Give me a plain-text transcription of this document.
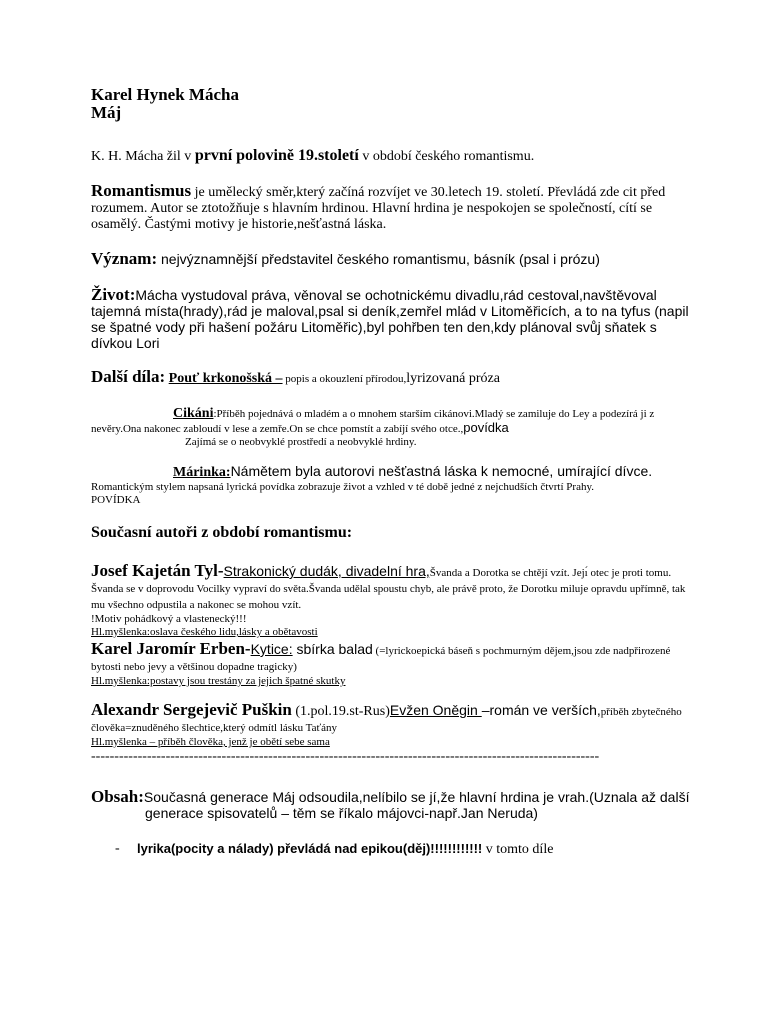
Karel Hynek Mácha
Máj

K. H. Mácha žil v první polovině 19.století v období českého romantismu.

Romantismus je umělecký směr,který začíná rozvíjet ve 30.letech 19. století. Převládá zde cit před rozumem. Autor se ztotožňuje s hlavním hrdinou. Hlavní hrdina je nespokojen se společností, cítí se osamělý. Častými motivy je historie,nešťastná láska.

Význam: nejvýznamnější představitel českého romantismu, básník (psal i prózu)

Život:Mácha vystudoval práva, věnoval se ochotnickému divadlu,rád cestoval,navštěvoval tajemná místa(hrady),rád je maloval,psal si deník,zemřel mlád v Litoměřicích, a to na tyfus (napil se špatné vody při hašení požáru Litoměřic),byl pohřben ten den,kdy plánoval svůj sňatek s dívkou Lori

Další díla: Pouť krkonošská – popis a okouzlení přírodou,lyrizovaná próza

Cikáni:Příběh pojednává o mladém a o mnohem starším cikánovi.Mladý se zamiluje do Ley a podezírá ji z nevěry.Ona nakonec zabloudí v lese a zemře.On se chce pomstít a zabíjí svého otce.,povídka

Zajímá se o neobvyklé prostředí a neobvyklé hrdiny.

Márinka:Námětem byla autorovi nešťastná láska k nemocné, umírající dívce.

Romantickým stylem napsaná lyrická povídka zobrazuje život a vzhled v té době jedné z nejchudších čtvrtí Prahy.

POVÍDKA

Současní autoři z období romantismu:

Josef Kajetán Tyl-Strakonický dudák, divadelní hra,Švanda a Dorotka se chtějí vzít. Jejı́ otec je proti tomu. Švanda se v doprovodu Vocilky vypraví do světa.Švanda udělal spoustu chyb, ale právě proto, že Dorotku miluje opravdu upřímně, tak mu všechno odpustila a nakonec se mohou vzít.

!Motiv pohádkový a vlastenecký!!!

Hl.myšlenka:oslava českého lidu,lásky a obětavosti

Karel Jaromír Erben-Kytice: sbírka balad (=lyrickoepická báseň s pochmurným dějem,jsou zde nadpřirozené bytosti nebo jevy a většinou dopadne tragicky)

Hl.myšlenka:postavy jsou trestány za jejich špatné skutky

Alexandr Sergejevič Puškin (1.pol.19.st-Rus)Evžen Oněgin –román ve verších,příběh zbytečného člověka=znuděného šlechtice,který odmítl lásku Taťány

Hl.myšlenka – příběh člověka, jenž je obětí sebe sama

-------------------------------------------------------------------------------------------------------------

Obsah:Současná generace Máj odsoudila,nelíbilo se jí,že hlavní hrdina je vrah.(Uznala až další generace spisovatelů – těm se říkalo májovci-např.Jan Neruda)

-	lyrika(pocity a nálady) převládá nad epikou(děj)!!!!!!!!!!!! v tomto díle
